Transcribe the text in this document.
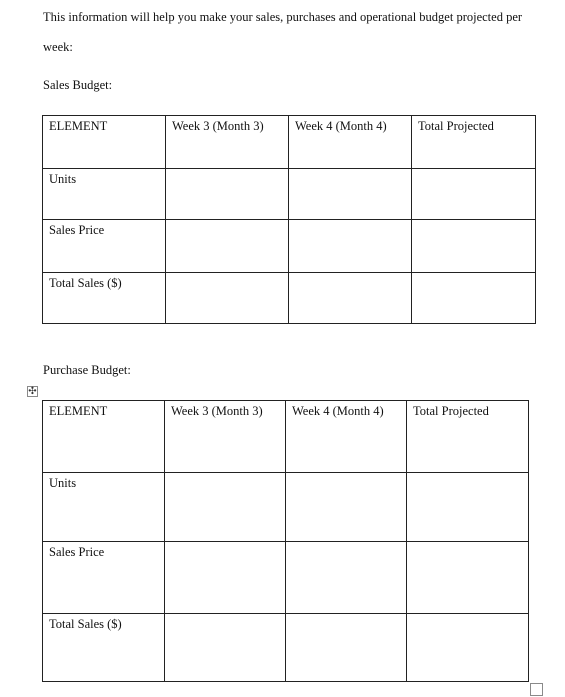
This information will help you make your sales, purchases and operational budget projected per
week:
Sales Budget:
ELEMENT	Week 3 (Month 3)	Week 4 (Month 4)	Total Projected
Units			
Sales Price			
Total Sales ($)			
Purchase Budget:
✣
ELEMENT	Week 3 (Month 3)	Week 4 (Month 4)	Total Projected
Units			
Sales Price			
Total Sales ($)			
